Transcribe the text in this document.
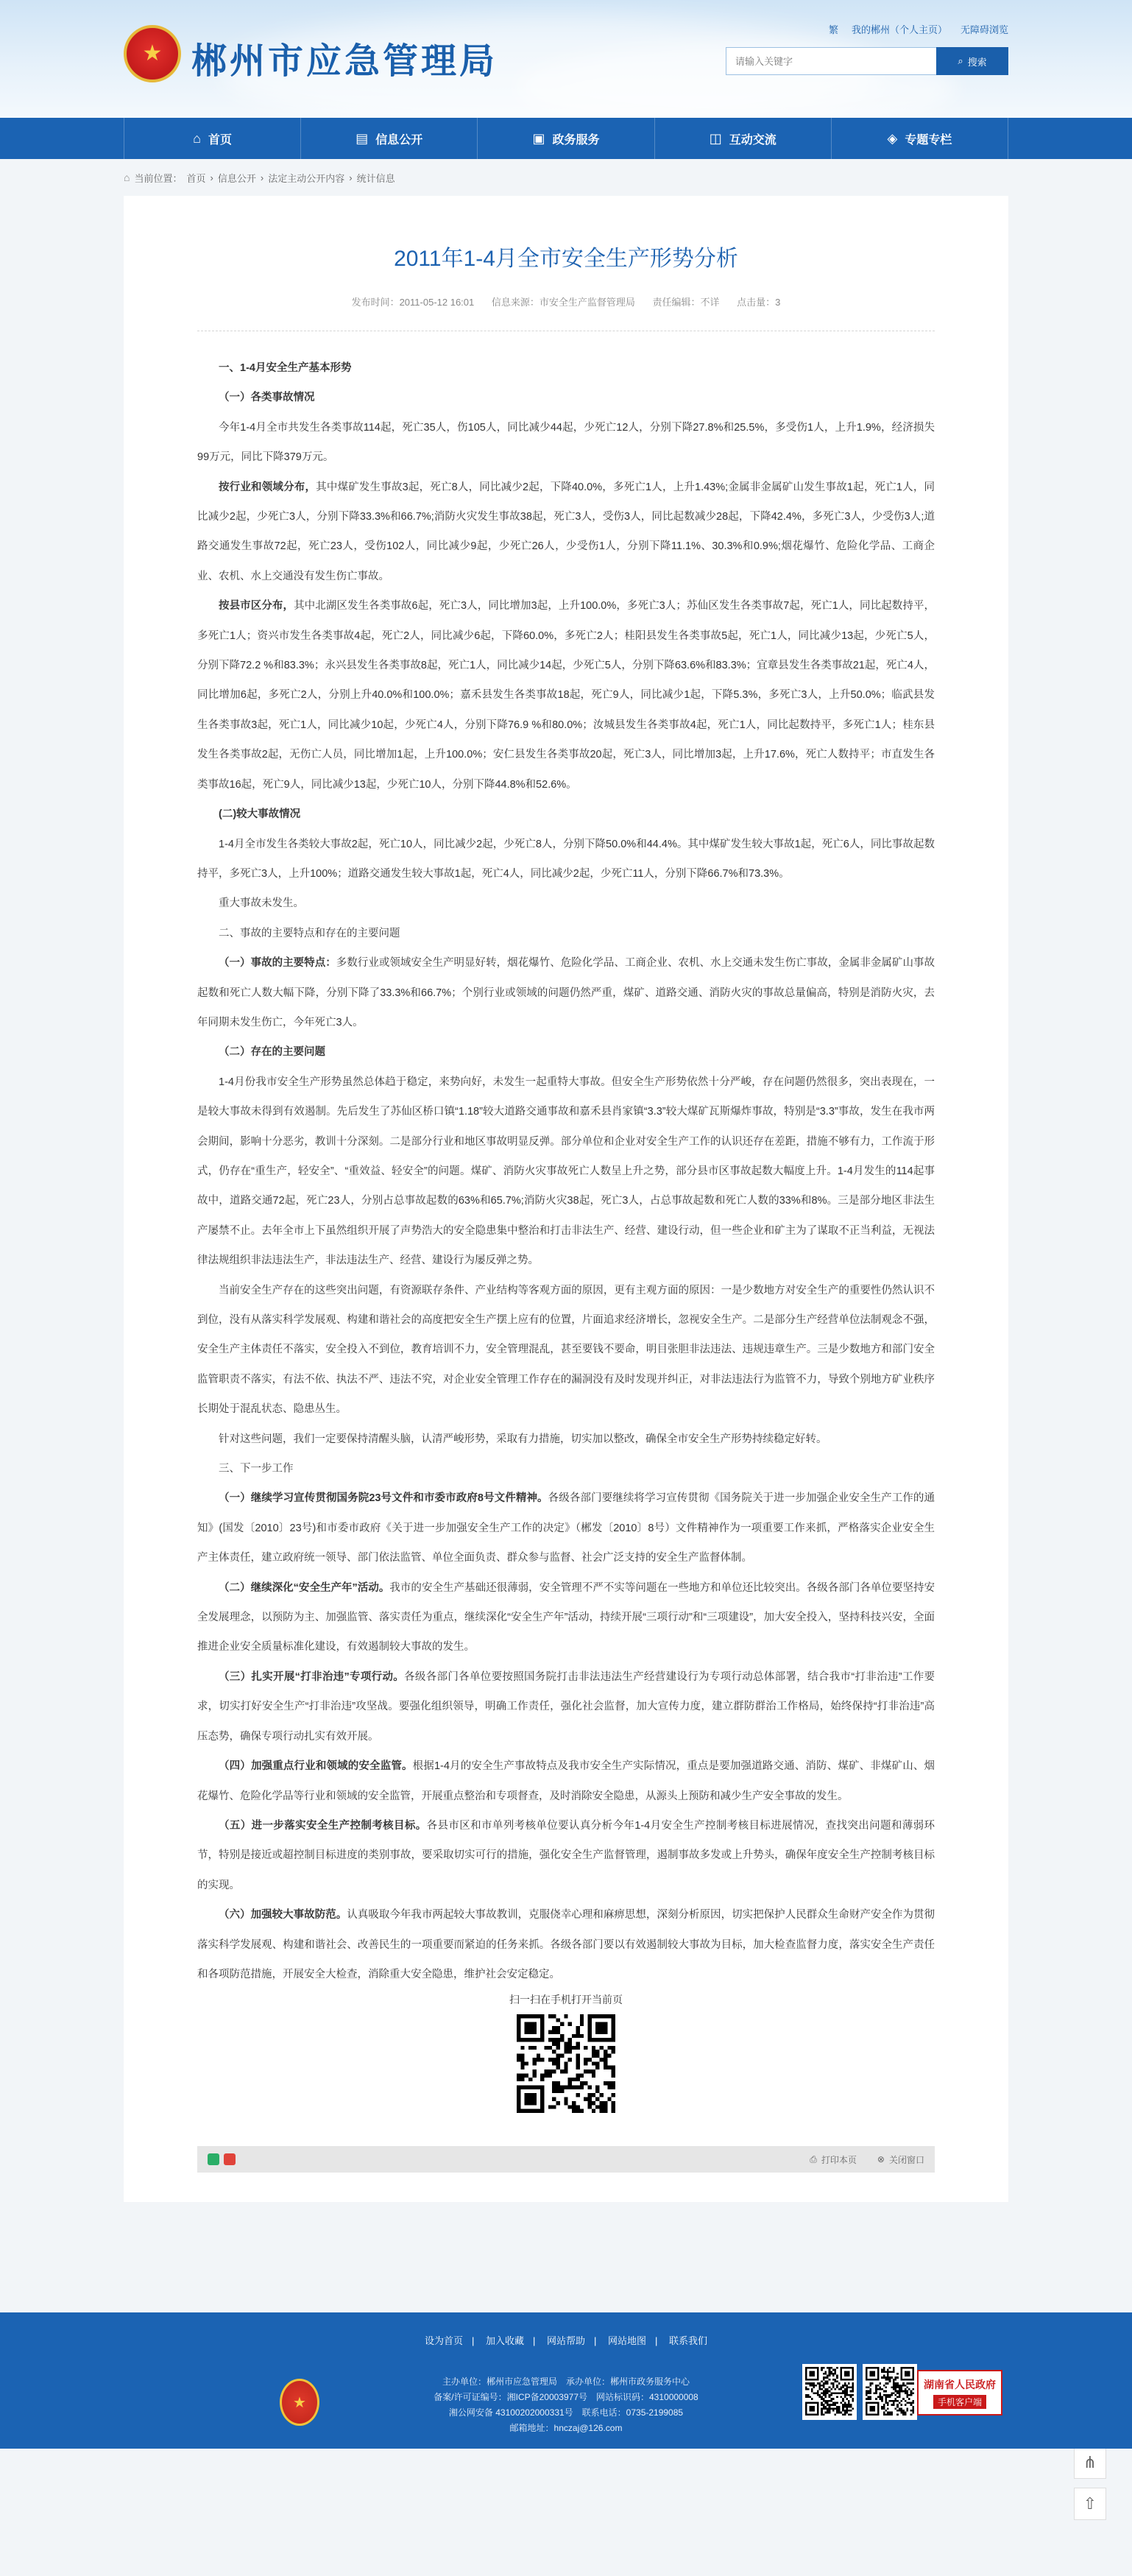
★ 郴州市应急管理局
繁 我的郴州（个人主页） 无障碍浏览
请输入关键字
⌕ 搜索
⌂ 首页	▤ 信息公开	▣ 政务服务	◫ 互动交流	◈ 专题专栏
⌂ 当前位置： 首页 › 信息公开 › 法定主动公开内容 › 统计信息
2011年1-4月全市安全生产形势分析
发布时间：2011-05-12 16:01 信息来源：市安全生产监督管理局 责任编辑：不详 点击量：3

一、1-4月安全生产基本形势

（一）各类事故情况

今年1-4月全市共发生各类事故114起，死亡35人，伤105人，同比减少44起，少死亡12人，分别下降27.8%和25.5%，多受伤1人，上升1.9%，经济损失99万元，同比下降379万元。

按行业和领域分布，其中煤矿发生事故3起，死亡8人，同比减少2起，下降40.0%，多死亡1人，上升1.43%;金属非金属矿山发生事故1起，死亡1人，同比减少2起，少死亡3人，分别下降33.3%和66.7%;消防火灾发生事故38起，死亡3人，受伤3人，同比起数减少28起，下降42.4%，多死亡3人，少受伤3人;道路交通发生事故72起，死亡23人，受伤102人，同比减少9起，少死亡26人，少受伤1人，分别下降11.1%、30.3%和0.9%;烟花爆竹、危险化学品、工商企业、农机、水上交通没有发生伤亡事故。

按县市区分布，其中北湖区发生各类事故6起，死亡3人，同比增加3起，上升100.0%，多死亡3人；苏仙区发生各类事故7起，死亡1人，同比起数持平，多死亡1人；资兴市发生各类事故4起，死亡2人，同比减少6起，下降60.0%，多死亡2人；桂阳县发生各类事故5起，死亡1人，同比减少13起，少死亡5人，分别下降72.2 %和83.3%；永兴县发生各类事故8起，死亡1人，同比减少14起，少死亡5人，分别下降63.6%和83.3%；宜章县发生各类事故21起，死亡4人，同比增加6起，多死亡2人，分别上升40.0%和100.0%；嘉禾县发生各类事故18起，死亡9人，同比减少1起，下降5.3%，多死亡3人，上升50.0%；临武县发生各类事故3起，死亡1人，同比减少10起，少死亡4人，分别下降76.9 %和80.0%；汝城县发生各类事故4起，死亡1人，同比起数持平，多死亡1人；桂东县发生各类事故2起，无伤亡人员，同比增加1起，上升100.0%；安仁县发生各类事故20起，死亡3人，同比增加3起，上升17.6%，死亡人数持平；市直发生各类事故16起，死亡9人，同比减少13起，少死亡10人，分别下降44.8%和52.6%。

(二)较大事故情况

1-4月全市发生各类较大事故2起，死亡10人，同比减少2起，少死亡8人，分别下降50.0%和44.4%。其中煤矿发生较大事故1起，死亡6人，同比事故起数持平，多死亡3人，上升100%；道路交通发生较大事故1起，死亡4人，同比减少2起，少死亡11人，分别下降66.7%和73.3%。

重大事故未发生。

二、事故的主要特点和存在的主要问题

（一）事故的主要特点：多数行业或领域安全生产明显好转，烟花爆竹、危险化学品、工商企业、农机、水上交通未发生伤亡事故，金属非金属矿山事故起数和死亡人数大幅下降，分别下降了33.3%和66.7%；个别行业或领域的问题仍然严重，煤矿、道路交通、消防火灾的事故总量偏高，特别是消防火灾，去年同期未发生伤亡，今年死亡3人。

（二）存在的主要问题

1-4月份我市安全生产形势虽然总体趋于稳定，来势向好，未发生一起重特大事故。但安全生产形势依然十分严峻，存在问题仍然很多，突出表现在，一是较大事故未得到有效遏制。先后发生了苏仙区桥口镇“1.18”较大道路交通事故和嘉禾县肖家镇“3.3”较大煤矿瓦斯爆炸事故，特别是“3.3”事故，发生在我市两会期间，影响十分恶劣，教训十分深刻。二是部分行业和地区事故明显反弹。部分单位和企业对安全生产工作的认识还存在差距，措施不够有力，工作流于形式，仍存在“重生产，轻安全”、“重效益、轻安全”的问题。煤矿、消防火灾事故死亡人数呈上升之势，部分县市区事故起数大幅度上升。1-4月发生的114起事故中，道路交通72起，死亡23人，分别占总事故起数的63%和65.7%;消防火灾38起，死亡3人，占总事故起数和死亡人数的33%和8%。三是部分地区非法生产屡禁不止。去年全市上下虽然组织开展了声势浩大的安全隐患集中整治和打击非法生产、经营、建设行动，但一些企业和矿主为了谋取不正当利益，无视法律法规组织非法违法生产，非法违法生产、经营、建设行为屡反弹之势。

当前安全生产存在的这些突出问题，有资源联存条件、产业结构等客观方面的原因，更有主观方面的原因：一是少数地方对安全生产的重要性仍然认识不到位，没有从落实科学发展观、构建和谐社会的高度把安全生产摆上应有的位置，片面追求经济增长，忽视安全生产。二是部分生产经营单位法制观念不强，安全生产主体责任不落实，安全投入不到位，教育培训不力，安全管理混乱，甚至要钱不要命，明目张胆非法违法、违规违章生产。三是少数地方和部门安全监管职责不落实，有法不依、执法不严、违法不究，对企业安全管理工作存在的漏洞没有及时发现并纠正，对非法违法行为监管不力，导致个别地方矿业秩序长期处于混乱状态、隐患丛生。

针对这些问题，我们一定要保持清醒头脑，认清严峻形势，采取有力措施，切实加以整改，确保全市安全生产形势持续稳定好转。

三、下一步工作

（一）继续学习宣传贯彻国务院23号文件和市委市政府8号文件精神。各级各部门要继续将学习宣传贯彻《国务院关于进一步加强企业安全生产工作的通知》(国发〔2010〕23号)和市委市政府《关于进一步加强安全生产工作的决定》（郴发〔2010〕8号）文件精神作为一项重要工作来抓，严格落实企业安全生产主体责任，建立政府统一领导、部门依法监管、单位全面负责、群众参与监督、社会广泛支持的安全生产监督体制。

（二）继续深化“安全生产年”活动。我市的安全生产基础还很薄弱，安全管理不严不实等问题在一些地方和单位还比较突出。各级各部门各单位要坚持安全发展理念，以预防为主、加强监管、落实责任为重点，继续深化“安全生产年”活动，持续开展“三项行动”和“三项建设”，加大安全投入，坚持科技兴安，全面推进企业安全质量标准化建设，有效遏制较大事故的发生。

（三）扎实开展“打非治违”专项行动。各级各部门各单位要按照国务院打击非法违法生产经营建设行为专项行动总体部署，结合我市“打非治违”工作要求，切实打好安全生产“打非治违”攻坚战。要强化组织领导，明确工作责任，强化社会监督，加大宣传力度，建立群防群治工作格局，始终保持“打非治违”高压态势，确保专项行动扎实有效开展。

（四）加强重点行业和领域的安全监管。根据1-4月的安全生产事故特点及我市安全生产实际情况，重点是要加强道路交通、消防、煤矿、非煤矿山、烟花爆竹、危险化学品等行业和领域的安全监管，开展重点整治和专项督查，及时消除安全隐患，从源头上预防和减少生产安全事故的发生。

（五）进一步落实安全生产控制考核目标。各县市区和市单列考核单位要认真分析今年1-4月安全生产控制考核目标进展情况，查找突出问题和薄弱环节，特别是接近或超控制目标进度的类别事故，要采取切实可行的措施，强化安全生产监督管理，遏制事故多发或上升势头，确保年度安全生产控制考核目标的实现。

（六）加强较大事故防范。认真吸取今年我市两起较大事故教训，克服侥幸心理和麻痹思想，深刻分析原因，切实把保护人民群众生命财产安全作为贯彻落实科学发展观、构建和谐社会、改善民生的一项重要而紧迫的任务来抓。各级各部门要以有效遏制较大事故为目标，加大检查监督力度，落实安全生产责任和各项防范措施，开展安全大检查，消除重大安全隐患，维护社会安定稳定。

扫一扫在手机打开当前页
⎙ 打印本页 ⊗ 关闭窗口
⋔
⇧
设为首页 | 加入收藏 | 网站帮助 | 网站地图 | 联系我们
★
主办单位：郴州市应急管理局　承办单位：郴州市政务服务中心
备案/许可证编号：湘ICP备20003977号　网站标识码：4310000008
湘公网安备 43100202000331号　联系电话：0735-2199085
邮箱地址：hnczaj@126.com
湖南省人民政府
手机客户端
